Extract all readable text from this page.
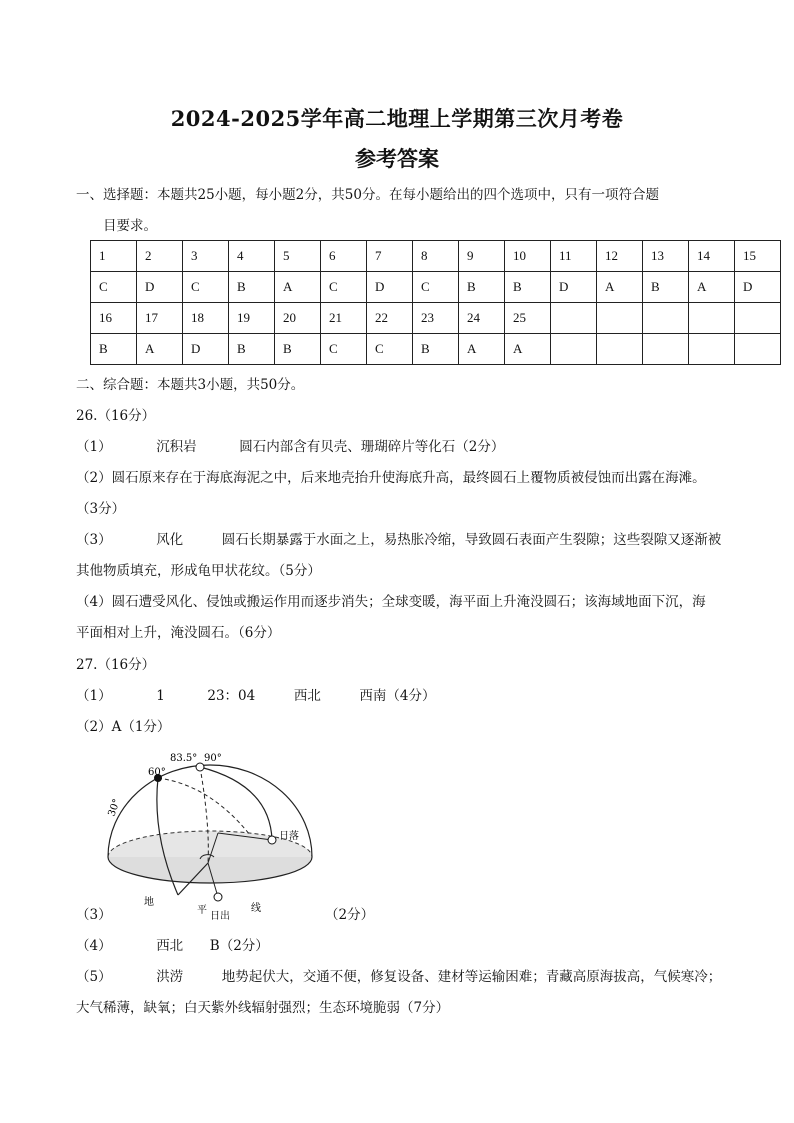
2024-2025学年高二地理上学期第三次月考卷
参考答案
一、选择题：本题共25小题，每小题2分，共50分。在每小题给出的四个选项中，只有一项符合题
目要求。
1	2	3	4	5	6	7	8	9	10	11	12	13	14	15
C	D	C	B	A	C	D	C	B	B	D	A	B	A	D
16	17	18	19	20	21	22	23	24	25					
B	A	D	B	B	C	C	B	A	A					
二、综合题：本题共3小题，共50分。
26.（16分）
（1）	沉积岩	圆石内部含有贝壳、珊瑚碎片等化石（2分）
（2）圆石原来存在于海底海泥之中，后来地壳抬升使海底升高，最终圆石上覆物质被侵蚀而出露在海滩。
（3分）
（3）	风化	圆石长期暴露于水面之上，易热胀冷缩，导致圆石表面产生裂隙；这些裂隙又逐渐被
其他物质填充，形成龟甲状花纹。（5分）
（4）圆石遭受风化、侵蚀或搬运作用而逐步消失；全球变暖，海平面上升淹没圆石；该海域地面下沉，海
平面相对上升，淹没圆石。（6分）
27.（16分）
（1）	1	23：04	西北	西南（4分）
（2）A（1分）
60°
83.5° 90°
30°
日落
日出
地
平	线
（3）	（2分）
（4）	西北 B（2分）
（5）	洪涝	地势起伏大，交通不便，修复设备、建材等运输困难；青藏高原海拔高，气候寒冷；
大气稀薄，缺氧；白天紫外线辐射强烈；生态环境脆弱（7分）
